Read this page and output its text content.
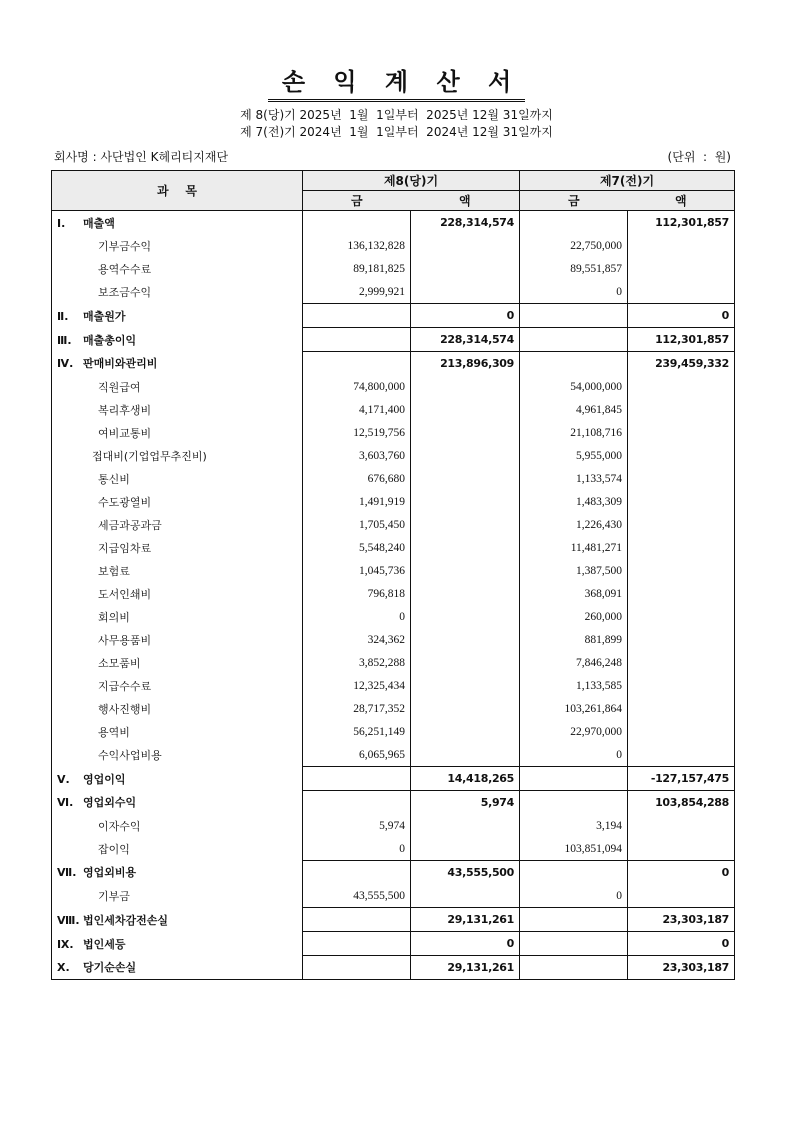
손 익 계 산 서
제 8(당)기 2025년  1월  1일부터  2025년 12월 31일까지
제 7(전)기 2024년  1월  1일부터  2024년 12월 31일까지
회사명 : 사단법인 K헤리티지재단	(단위  :  원)
과    목	제8(당)기		제7(전)기	
	금	액	금	액
Ⅰ. 매출액		228,314,574		112,301,857
기부금수익	136,132,828		22,750,000	
용역수수료	89,181,825		89,551,857	
보조금수익	2,999,921		0	
Ⅱ. 매출원가		0		0
Ⅲ. 매출총이익		228,314,574		112,301,857
Ⅳ. 판매비와관리비		213,896,309		239,459,332
직원급여	74,800,000		54,000,000	
복리후생비	4,171,400		4,961,845	
여비교통비	12,519,756		21,108,716	
접대비(기업업무추진비)	3,603,760		5,955,000	
통신비	676,680		1,133,574	
수도광열비	1,491,919		1,483,309	
세금과공과금	1,705,450		1,226,430	
지급임차료	5,548,240		11,481,271	
보험료	1,045,736		1,387,500	
도서인쇄비	796,818		368,091	
회의비	0		260,000	
사무용품비	324,362		881,899	
소모품비	3,852,288		7,846,248	
지급수수료	12,325,434		1,133,585	
행사진행비	28,717,352		103,261,864	
용역비	56,251,149		22,970,000	
수익사업비용	6,065,965		0	
Ⅴ. 영업이익		14,418,265		-127,157,475
Ⅵ. 영업외수익		5,974		103,854,288
이자수익	5,974		3,194	
잡이익	0		103,851,094	
Ⅶ. 영업외비용		43,555,500		0
기부금	43,555,500		0	
Ⅷ. 법인세차감전손실		29,131,261		23,303,187
Ⅸ. 법인세등		0		0
Ⅹ. 당기순손실		29,131,261		23,303,187
